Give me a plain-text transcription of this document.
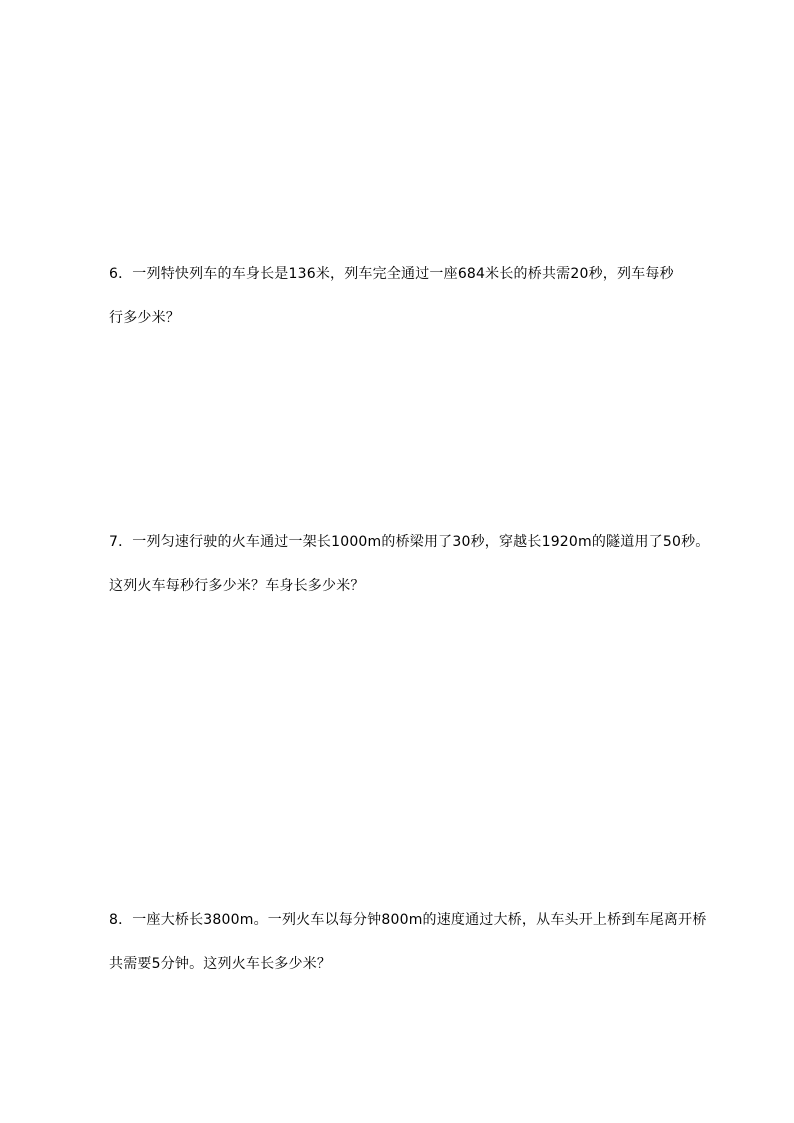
6．一列特快列车的车身长是136米，列车完全通过一座684米长的桥共需20秒，列车每秒
行多少米？
7．一列匀速行驶的火车通过一架长1000m的桥梁用了30秒，穿越长1920m的隧道用了50秒。
这列火车每秒行多少米？车身长多少米？
8．一座大桥长3800m。一列火车以每分钟800m的速度通过大桥，从车头开上桥到车尾离开桥
共需要5分钟。这列火车长多少米？
